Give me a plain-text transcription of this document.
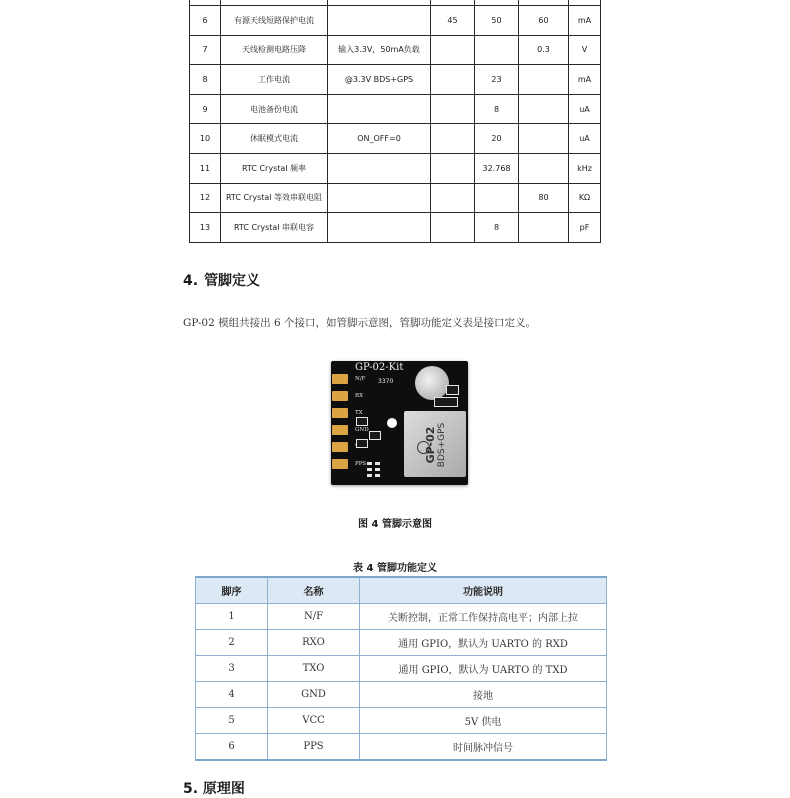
6	有源天线短路保护电流		45	50	60	mA
7	天线检测电路压降	输入3.3V，50mA负载			0.3	V
8	工作电流	@3.3V BDS+GPS		23		mA
9	电池备份电流			8		uA
10	休眠模式电流	ON_OFF=0		20		uA
11	RTC Crystal 频率			32.768		kHz
12	RTC Crystal 等效串联电阻				80	KΩ
13	RTC Crystal 串联电容			8		pF
4. 管脚定义
GP-02 模组共接出 6 个接口，如管脚示意图，管脚功能定义表是接口定义。
GP-02-Kit
3370
N/F
RX
TX
GND
PPS
GP-02 BDS+GPS
图 4 管脚示意图
表 4 管脚功能定义
脚序	名称	功能说明
1	N/F	关断控制，正常工作保持高电平；内部上拉
2	RXO	通用 GPIO，默认为 UARTO 的 RXD
3	TXO	通用 GPIO，默认为 UARTO 的 TXD
4	GND	接地
5	VCC	5V 供电
6	PPS	时间脉冲信号
5. 原理图
